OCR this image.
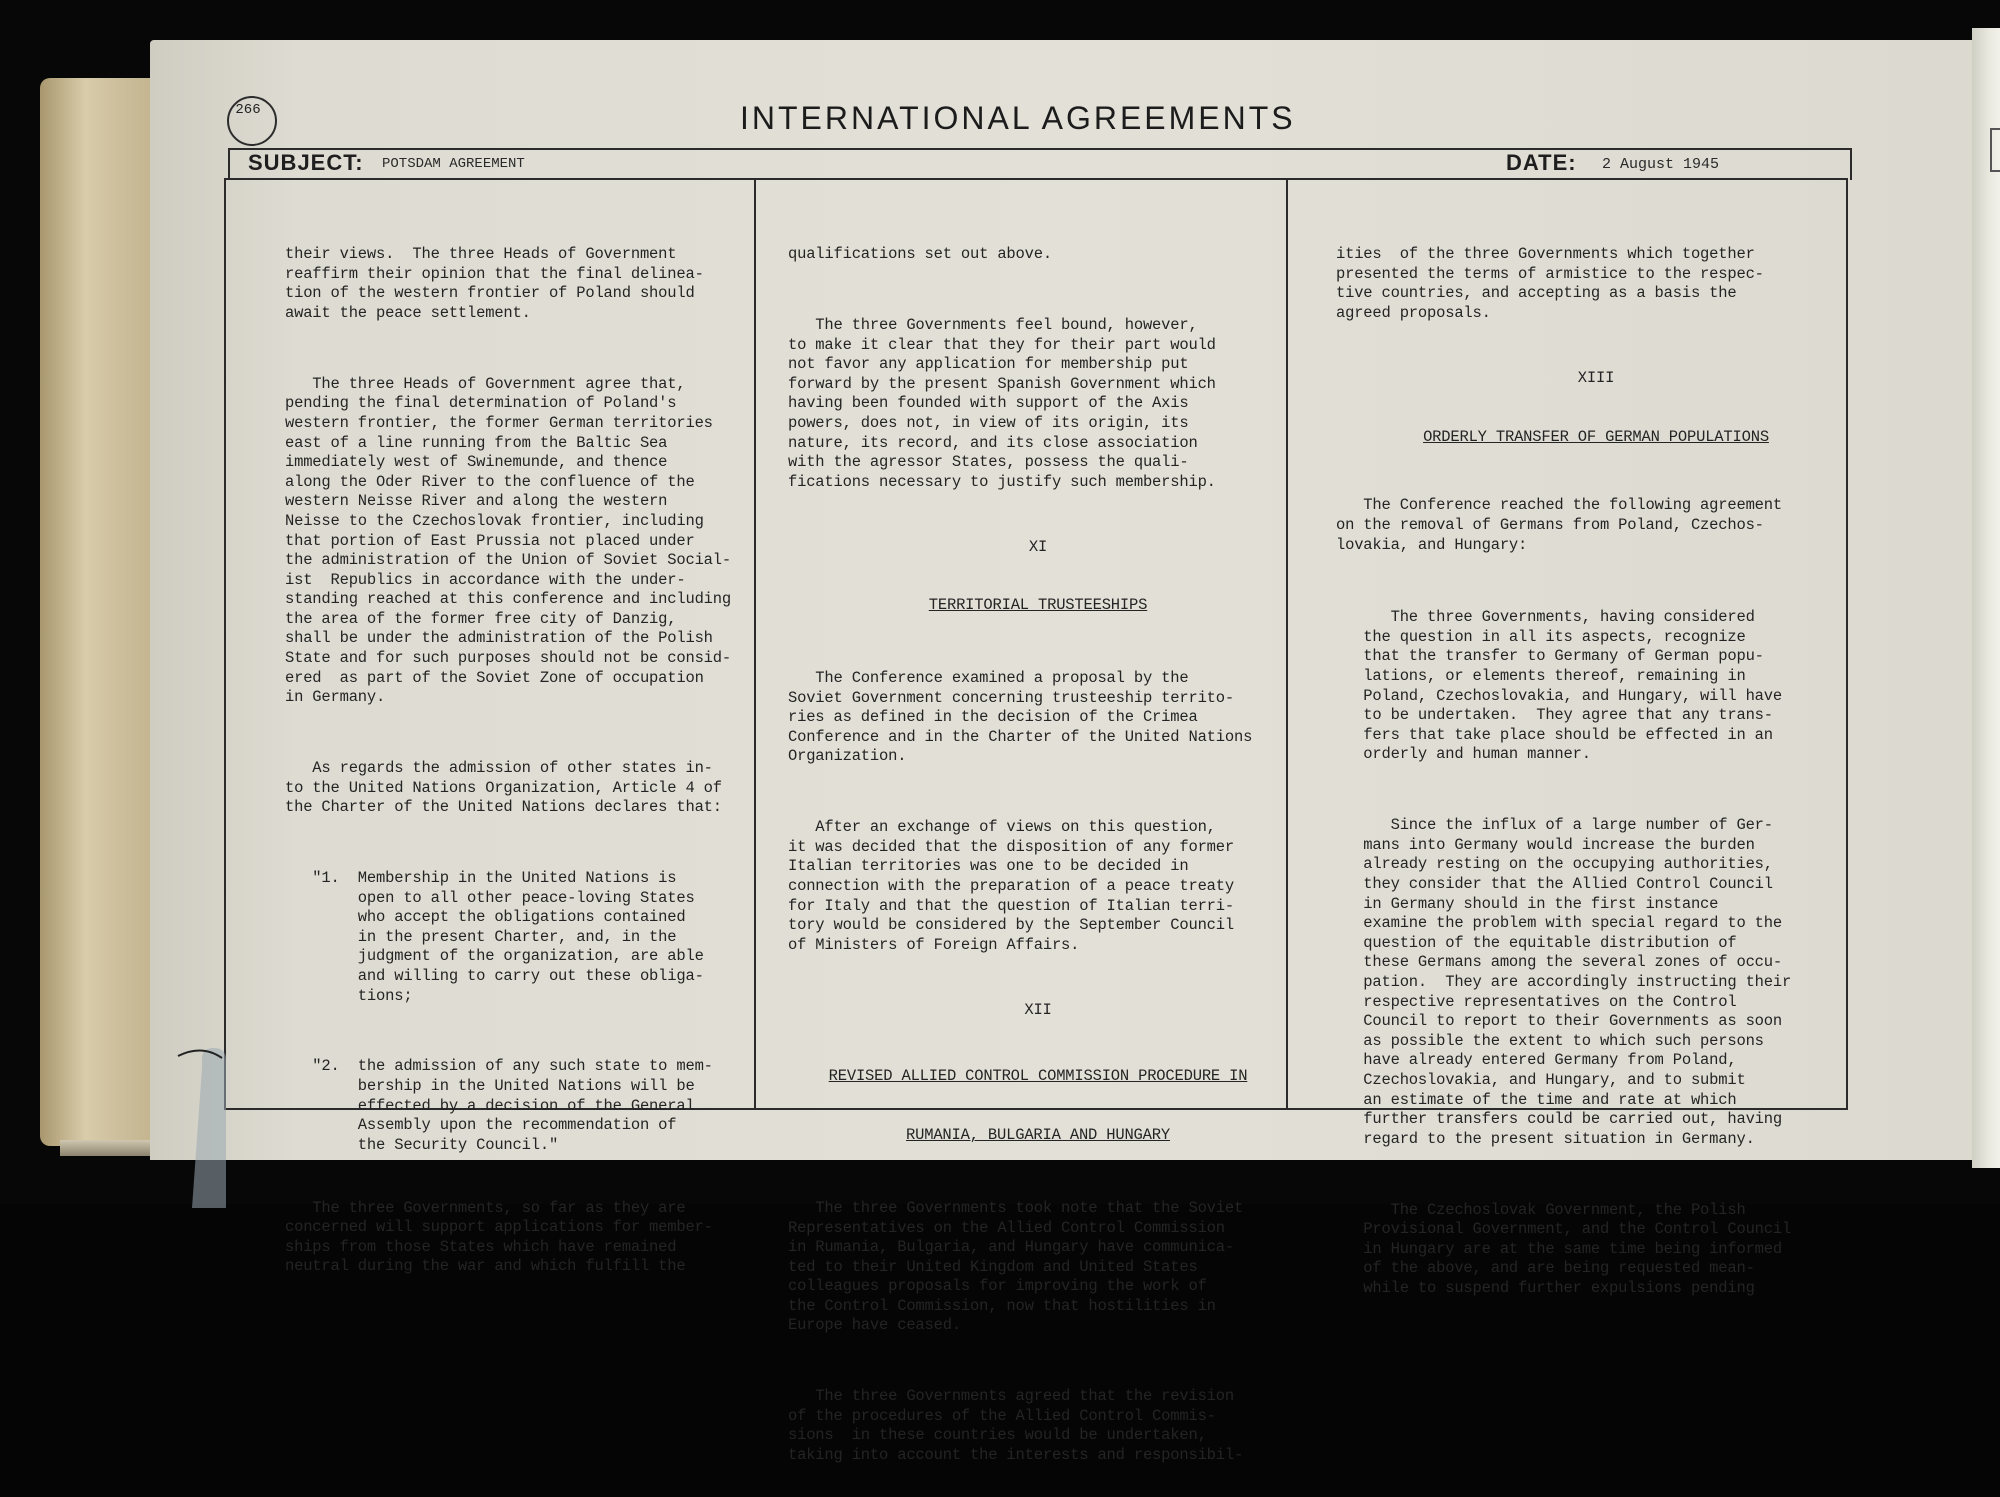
266	INTERNATIONAL AGREEMENTS
SUBJECT: POTSDAM AGREEMENT	DATE: 2 August 1945

their views.  The three Heads of Government
reaffirm their opinion that the final delinea-
tion of the western frontier of Poland should
await the peace settlement.

The three Heads of Government agree that,
pending the final determination of Poland's
western frontier, the former German territories
east of a line running from the Baltic Sea
immediately west of Swinemunde, and thence
along the Oder River to the confluence of the
western Neisse River and along the western
Neisse to the Czechoslovak frontier, including
that portion of East Prussia not placed under
the administration of the Union of Soviet Social-
ist  Republics in accordance with the under-
standing reached at this conference and including
the area of the former free city of Danzig,
shall be under the administration of the Polish
State and for such purposes should not be consid-
ered  as part of the Soviet Zone of occupation
in Germany.

As regards the admission of other states in-
to the United Nations Organization, Article 4 of
the Charter of the United Nations declares that:

"1.  Membership in the United Nations is
open to all other peace-loving States
who accept the obligations contained
in the present Charter, and, in the
judgment of the organization, are able
and willing to carry out these obliga-
tions;

"2.  the admission of any such state to mem-
bership in the United Nations will be
effected by a decision of the General
Assembly upon the recommendation of
the Security Council."

The three Governments, so far as they are
concerned will support applications for member-
ships from those States which have remained
neutral during the war and which fulfill the

qualifications set out above.

The three Governments feel bound, however,
to make it clear that they for their part would
not favor any application for membership put
forward by the present Spanish Government which
having been founded with support of the Axis
powers, does not, in view of its origin, its
nature, its record, and its close association
with the agressor States, possess the quali-
fications necessary to justify such membership.

XI

TERRITORIAL TRUSTEESHIPS

The Conference examined a proposal by the
Soviet Government concerning trusteeship territo-
ries as defined in the decision of the Crimea
Conference and in the Charter of the United Nations
Organization.

After an exchange of views on this question,
it was decided that the disposition of any former
Italian territories was one to be decided in
connection with the preparation of a peace treaty
for Italy and that the question of Italian terri-
tory would be considered by the September Council
of Ministers of Foreign Affairs.

XII

REVISED ALLIED CONTROL COMMISSION PROCEDURE IN

RUMANIA, BULGARIA AND HUNGARY

The three Governments took note that the Soviet
Representatives on the Allied Control Commission
in Rumania, Bulgaria, and Hungary have communica-
ted to their United Kingdom and United States
colleagues proposals for improving the work of
the Control Commission, now that hostilities in
Europe have ceased.

The three Governments agreed that the revision
of the procedures of the Allied Control Commis-
sions  in these countries would be undertaken,
taking into account the interests and responsibil-

ities  of the three Governments which together
presented the terms of armistice to the respec-
tive countries, and accepting as a basis the
agreed proposals.

XIII

ORDERLY TRANSFER OF GERMAN POPULATIONS

The Conference reached the following agreement
on the removal of Germans from Poland, Czechos-
lovakia, and Hungary:

The three Governments, having considered
the question in all its aspects, recognize
that the transfer to Germany of German popu-
lations, or elements thereof, remaining in
Poland, Czechoslovakia, and Hungary, will have
to be undertaken.  They agree that any trans-
fers that take place should be effected in an
orderly and human manner.

Since the influx of a large number of Ger-
mans into Germany would increase the burden
already resting on the occupying authorities,
they consider that the Allied Control Council
in Germany should in the first instance
examine the problem with special regard to the
question of the equitable distribution of
these Germans among the several zones of occu-
pation.  They are accordingly instructing their
respective representatives on the Control
Council to report to their Governments as soon
as possible the extent to which such persons
have already entered Germany from Poland,
Czechoslovakia, and Hungary, and to submit
an estimate of the time and rate at which
further transfers could be carried out, having
regard to the present situation in Germany.

The Czechoslovak Government, the Polish
Provisional Government, and the Control Council
in Hungary are at the same time being informed
of the above, and are being requested mean-
while to suspend further expulsions pending
